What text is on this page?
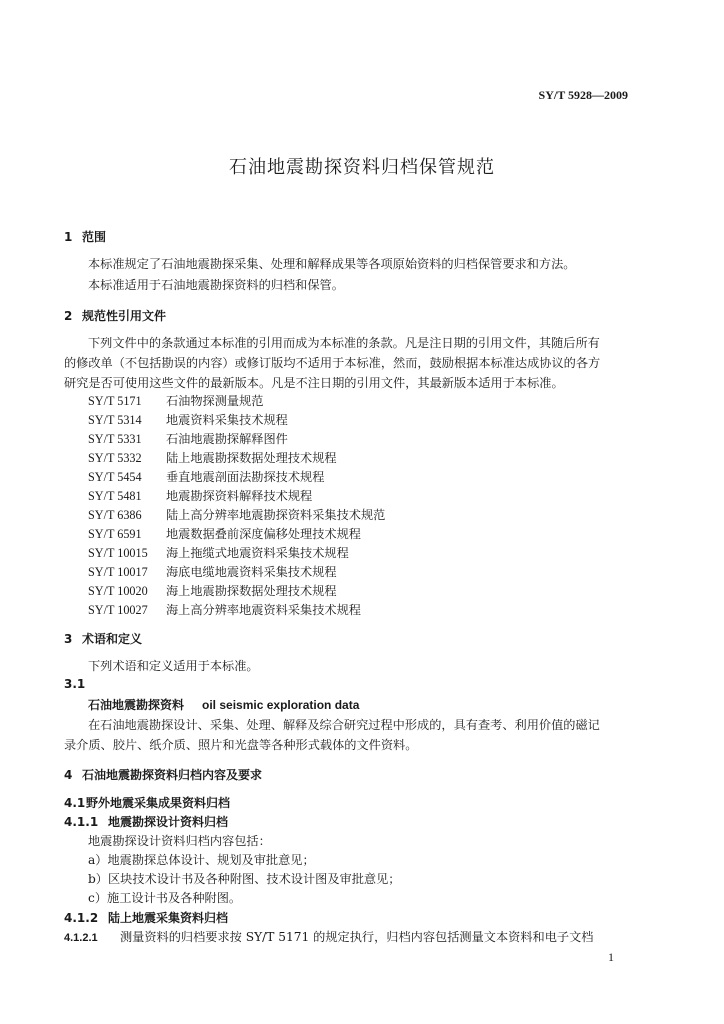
SY/T 5928—2009
石油地震勘探资料归档保管规范
1 范围
本标准规定了石油地震勘探采集、处理和解释成果等各项原始资料的归档保管要求和方法。
本标准适用于石油地震勘探资料的归档和保管。
2 规范性引用文件
下列文件中的条款通过本标准的引用而成为本标准的条款。凡是注日期的引用文件，其随后所有
的修改单（不包括勘误的内容）或修订版均不适用于本标准，然而，鼓励根据本标准达成协议的各方
研究是否可使用这些文件的最新版本。凡是不注日期的引用文件，其最新版本适用于本标准。
SY/T 5171 石油物探测量规范
SY/T 5314 地震资料采集技术规程
SY/T 5331 石油地震勘探解释图件
SY/T 5332 陆上地震勘探数据处理技术规程
SY/T 5454 垂直地震剖面法勘探技术规程
SY/T 5481 地震勘探资料解释技术规程
SY/T 6386 陆上高分辨率地震勘探资料采集技术规范
SY/T 6591 地震数据叠前深度偏移处理技术规程
SY/T 10015 海上拖缆式地震资料采集技术规程
SY/T 10017 海底电缆地震资料采集技术规程
SY/T 10020 海上地震勘探数据处理技术规程
SY/T 10027 海上高分辨率地震资料采集技术规程
3 术语和定义
下列术语和定义适用于本标准。
3.1
石油地震勘探资料 oil seismic exploration data
在石油地震勘探设计、采集、处理、解释及综合研究过程中形成的，具有查考、利用价值的磁记
录介质、胶片、纸介质、照片和光盘等各种形式载体的文件资料。
4 石油地震勘探资料归档内容及要求
4.1野外地震采集成果资料归档
4.1.1 地震勘探设计资料归档
地震勘探设计资料归档内容包括：
a）地震勘探总体设计、规划及审批意见；
b）区块技术设计书及各种附图、技术设计图及审批意见；
c）施工设计书及各种附图。
4.1.2 陆上地震采集资料归档
4.1.2.1 测量资料的归档要求按 SY/T 5171 的规定执行，归档内容包括测量文本资料和电子文档
1
